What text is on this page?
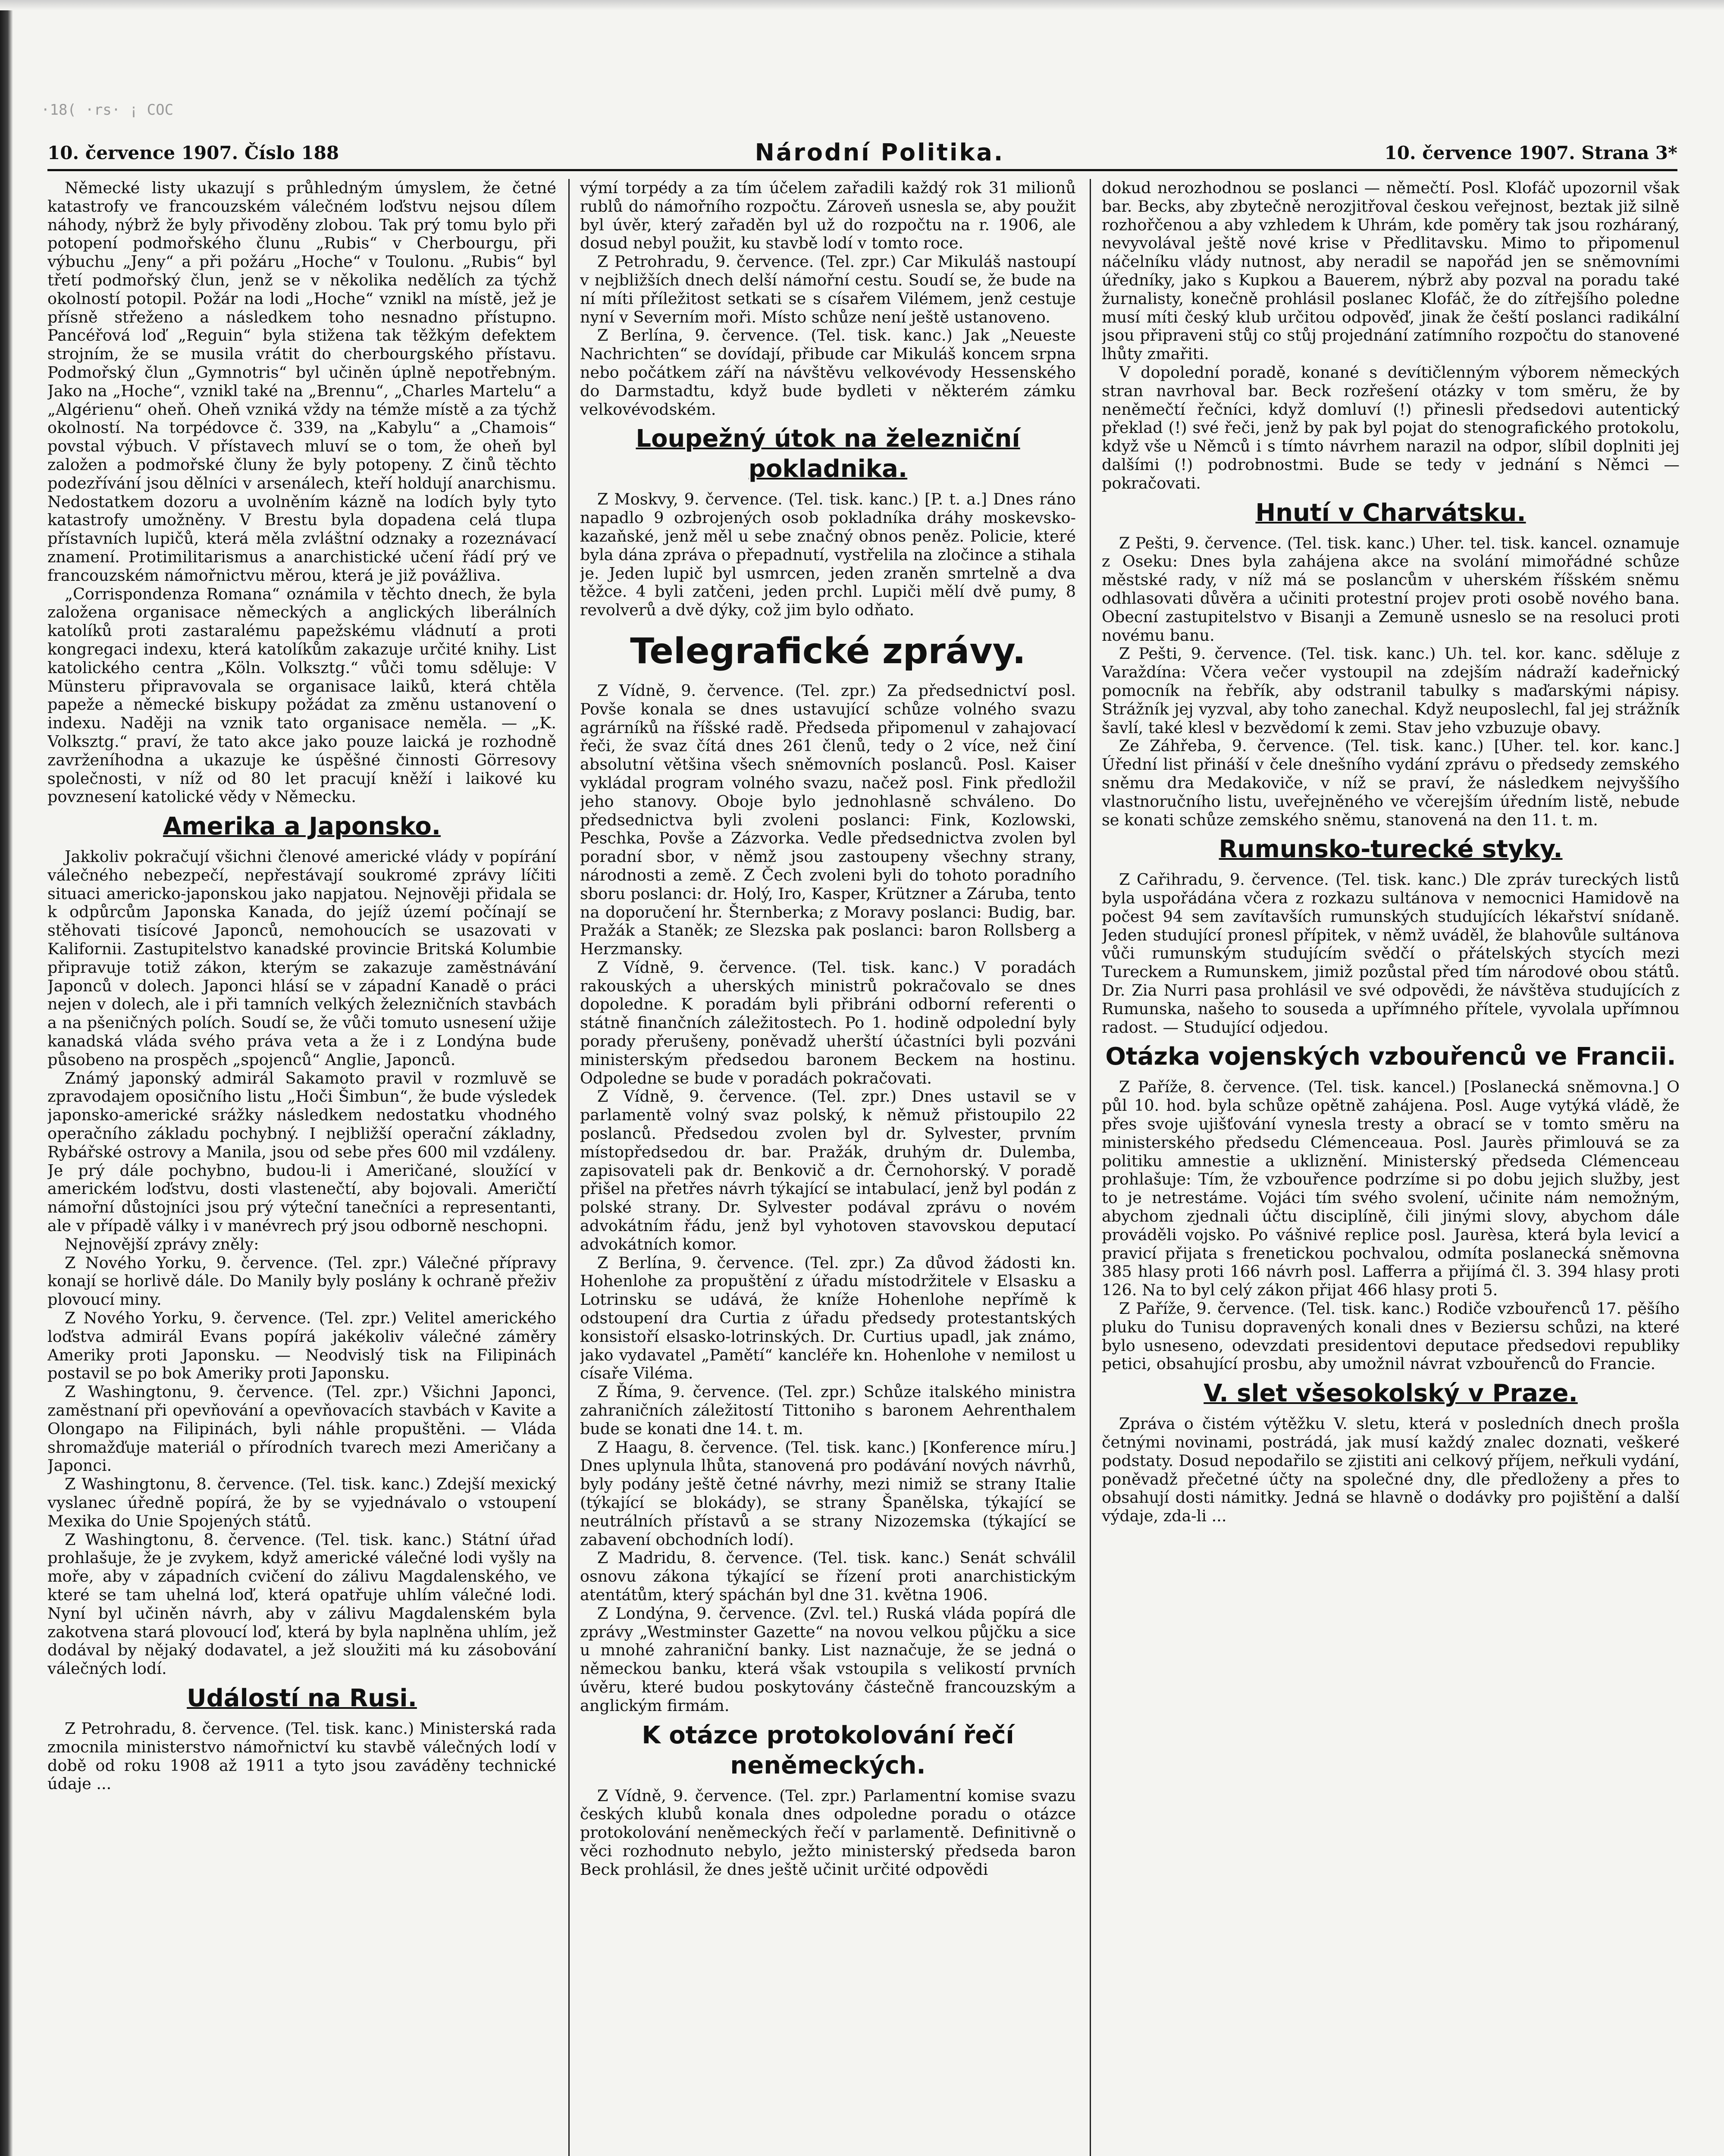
·18( ·rs· ¡ COC
10. července 1907. Číslo 188	Národní Politika.	10. července 1907. Strana 3*

Německé listy ukazují s průhledným úmyslem, že četné katastrofy ve francouzském válečném loďstvu nejsou dílem náhody, nýbrž že byly přivoděny zlobou. Tak prý tomu bylo při potopení podmořského člunu „Rubis“ v Cherbourgu, při výbuchu „Jeny“ a při požáru „Hoche“ v Toulonu. „Rubis“ byl třetí podmořský člun, jenž se v několika nedělích za týchž okolností potopil. Požár na lodi „Hoche“ vznikl na místě, jež je přísně střeženo a následkem toho nesnadno přístupno. Pancéřová loď „Reguin“ byla stižena tak těžkým defektem strojním, že se musila vrátit do cherbourgského přístavu. Podmořský člun „Gymnotris“ byl učiněn úplně nepotřebným. Jako na „Hoche“, vznikl také na „Brennu“, „Charles Martelu“ a „Algérienu“ oheň. Oheň vzniká vždy na témže místě a za týchž okolností. Na torpédovce č. 339, na „Kabylu“ a „Chamois“ povstal výbuch. V přístavech mluví se o tom, že oheň byl založen a podmořské čluny že byly potopeny. Z činů těchto podezřívání jsou dělníci v arsenálech, kteří holdují anarchismu. Nedostatkem dozoru a uvolněním kázně na lodích byly tyto katastrofy umožněny. V Brestu byla dopadena celá tlupa přístavních lupičů, která měla zvláštní odznaky a rozeznávací znamení. Protimilitarismus a anarchistické učení řádí prý ve francouzském námořnictvu měrou, která je již povážliva.

„Corrispondenza Romana“ oznámila v těchto dnech, že byla založena organisace německých a anglických liberálních katolíků proti zastaralému papežskému vládnutí a proti kongregaci indexu, která katolíkům zakazuje určité knihy. List katolického centra „Köln. Volksztg.“ vůči tomu sděluje: V Münsteru připravovala se organisace laiků, která chtěla papeže a německé biskupy požádat za změnu ustanovení o indexu. Naději na vznik tato organisace neměla. — „K. Volksztg.“ praví, že tato akce jako pouze laická je rozhodně zavrženíhodna a ukazuje ke úspěšné činnosti Görresovy společnosti, v níž od 80 let pracují kněží i laikové ku povznesení katolické vědy v Německu.

Amerika a Japonsko.

Jakkoliv pokračují všichni členové americké vlády v popírání válečného nebezpečí, nepřestávají soukromé zprávy líčiti situaci americko-japonskou jako napjatou. Nejnověji přidala se k odpůrcům Japonska Kanada, do jejíž území počínají se stěhovati tisícové Japonců, nemohoucích se usazovati v Kalifornii. Zastupitelstvo kanadské provincie Britská Kolumbie připravuje totiž zákon, kterým se zakazuje zaměstnávání Japonců v dolech. Japonci hlásí se v západní Kanadě o práci nejen v dolech, ale i při tamních velkých železničních stavbách a na pšeničných polích. Soudí se, že vůči tomuto usnesení užije kanadská vláda svého práva veta a že i z Londýna bude působeno na prospěch „spojenců“ Anglie, Japonců.

Známý japonský admirál Sakamoto pravil v rozmluvě se zpravodajem oposičního listu „Hoči Šimbun“, že bude výsledek japonsko-americké srážky následkem nedostatku vhodného operačního základu pochybný. I nejbližší operační základny, Rybářské ostrovy a Manila, jsou od sebe přes 600 mil vzdáleny. Je prý dále pochybno, budou-li i Američané, sloužící v americkém loďstvu, dosti vlastenečtí, aby bojovali. Američtí námořní důstojníci jsou prý výteční tanečníci a representanti, ale v případě války i v manévrech prý jsou odborně neschopni.

Nejnovější zprávy zněly:

Z Nového Yorku, 9. července. (Tel. zpr.) Válečné přípravy konají se horlivě dále. Do Manily byly poslány k ochraně přeživ plovoucí miny.

Z Nového Yorku, 9. července. (Tel. zpr.) Velitel amerického loďstva admirál Evans popírá jakékoliv válečné záměry Ameriky proti Japonsku. — Neodvislý tisk na Filipinách postavil se po bok Ameriky proti Japonsku.

Z Washingtonu, 9. července. (Tel. zpr.) Všichni Japonci, zaměstnaní při opevňování a opevňovacích stavbách v Kavite a Olongapo na Filipinách, byli náhle propuštěni. — Vláda shromažďuje materiál o přírodních tvarech mezi Američany a Japonci.

Z Washingtonu, 8. července. (Tel. tisk. kanc.) Zdejší mexický vyslanec úředně popírá, že by se vyjednávalo o vstoupení Mexika do Unie Spojených států.

Z Washingtonu, 8. července. (Tel. tisk. kanc.) Státní úřad prohlašuje, že je zvykem, když americké válečné lodi vyšly na moře, aby v západních cvičení do zálivu Magdalenského, ve které se tam uhelná loď, která opatřuje uhlím válečné lodi. Nyní byl učiněn návrh, aby v zálivu Magdalenském byla zakotvena stará plovoucí loď, která by byla naplněna uhlím, jež dodával by nějaký dodavatel, a jež sloužiti má ku zásobování válečných lodí.

Událostí na Rusi.

Z Petrohradu, 8. července. (Tel. tisk. kanc.) Ministerská rada zmocnila ministerstvo námořnictví ku stavbě válečných lodí v době od roku 1908 až 1911 a tyto jsou zaváděny technické údaje ...

výmí torpédy a za tím účelem zařadili každý rok 31 milionů rublů do námořního rozpočtu. Zároveň usnesla se, aby použit byl úvěr, který zařaděn byl už do rozpočtu na r. 1906, ale dosud nebyl použit, ku stavbě lodí v tomto roce.

Z Petrohradu, 9. července. (Tel. zpr.) Car Mikuláš nastoupí v nejbližších dnech delší námořní cestu. Soudí se, že bude na ní míti příležitost setkati se s císařem Vilémem, jenž cestuje nyní v Severním moři. Místo schůze není ještě ustanoveno.

Z Berlína, 9. července. (Tel. tisk. kanc.) Jak „Neueste Nachrichten“ se dovídají, přibude car Mikuláš koncem srpna nebo počátkem září na návštěvu velkovévody Hessenského do Darmstadtu, když bude bydleti v některém zámku velkovévodském.

Loupežný útok na železniční pokladnika.

Z Moskvy, 9. července. (Tel. tisk. kanc.) [P. t. a.] Dnes ráno napadlo 9 ozbrojených osob pokladníka dráhy moskevsko-kazaňské, jenž měl u sebe značný obnos peněz. Policie, které byla dána zpráva o přepadnutí, vystřelila na zločince a stihala je. Jeden lupič byl usmrcen, jeden zraněn smrtelně a dva těžce. 4 byli zatčeni, jeden prchl. Lupiči mělí dvě pumy, 8 revolverů a dvě dýky, což jim bylo odňato.

Telegrafické zprávy.

Z Vídně, 9. července. (Tel. zpr.) Za předsednictví posl. Povše konala se dnes ustavující schůze volného svazu agrárníků na říšské radě. Předseda připomenul v zahajovací řeči, že svaz čítá dnes 261 členů, tedy o 2 více, než činí absolutní většina všech sněmovních poslanců. Posl. Kaiser vykládal program volného svazu, načež posl. Fink předložil jeho stanovy. Oboje bylo jednohlasně schváleno. Do předsednictva byli zvoleni poslanci: Fink, Kozlowski, Peschka, Povše a Zázvorka. Vedle předsednictva zvolen byl poradní sbor, v němž jsou zastoupeny všechny strany, národnosti a země. Z Čech zvoleni byli do tohoto poradního sboru poslanci: dr. Holý, Iro, Kasper, Krützner a Záruba, tento na doporučení hr. Šternberka; z Moravy poslanci: Budig, bar. Pražák a Staněk; ze Slezska pak poslanci: baron Rollsberg a Herzmansky.

Z Vídně, 9. července. (Tel. tisk. kanc.) V poradách rakouských a uherských ministrů pokračovalo se dnes dopoledne. K poradám byli přibráni odborní referenti o státně finančních záležitostech. Po 1. hodině odpolední byly porady přerušeny, poněvadž uherští účastníci byli pozváni ministerským předsedou baronem Beckem na hostinu. Odpoledne se bude v poradách pokračovati.

Z Vídně, 9. července. (Tel. zpr.) Dnes ustavil se v parlamentě volný svaz polský, k němuž přistoupilo 22 poslanců. Předsedou zvolen byl dr. Sylvester, prvním místopředsedou dr. bar. Pražák, druhým dr. Dulemba, zapisovateli pak dr. Benkovič a dr. Černohorský. V poradě přišel na přetřes návrh týkající se intabulací, jenž byl podán z polské strany. Dr. Sylvester podával zprávu o novém advokátním řádu, jenž byl vyhotoven stavovskou deputací advokátních komor.

Z Berlína, 9. července. (Tel. zpr.) Za důvod žádosti kn. Hohenlohe za propuštění z úřadu místodržitele v Elsasku a Lotrinsku se udává, že kníže Hohenlohe nepřímě k odstoupení dra Curtia z úřadu předsedy protestantských konsistoří elsasko-lotrinských. Dr. Curtius upadl, jak známo, jako vydavatel „Pamětí“ kancléře kn. Hohenlohe v nemilost u císaře Viléma.

Z Říma, 9. července. (Tel. zpr.) Schůze italského ministra zahraničních záležitostí Tittoniho s baronem Aehrenthalem bude se konati dne 14. t. m.

Z Haagu, 8. července. (Tel. tisk. kanc.) [Konference míru.] Dnes uplynula lhůta, stanovená pro podávání nových návrhů, byly podány ještě četné návrhy, mezi nimiž se strany Italie (týkající se blokády), se strany Španělska, týkající se neutrálních přístavů a se strany Nizozemska (týkající se zabavení obchodních lodí).

Z Madridu, 8. července. (Tel. tisk. kanc.) Senát schválil osnovu zákona týkající se řízení proti anarchistickým atentátům, který spáchán byl dne 31. května 1906.

Z Londýna, 9. července. (Zvl. tel.) Ruská vláda popírá dle zprávy „Westminster Gazette“ na novou velkou půjčku a sice u mnohé zahraniční banky. List naznačuje, že se jedná o německou banku, která však vstoupila s velikostí prvních úvěru, které budou poskytovány částečně francouzským a anglickým firmám.

K otázce protokolování řečí neněmeckých.

Z Vídně, 9. července. (Tel. zpr.) Parlamentní komise svazu českých klubů konala dnes odpoledne poradu o otázce protokolování neněmeckých řečí v parlamentě. Definitivně o věci rozhodnuto nebylo, ježto ministerský předseda baron Beck prohlásil, že dnes ještě učinit určité odpovědi

dokud nerozhodnou se poslanci — němečtí. Posl. Klofáč upozornil však bar. Becks, aby zbytečně nerozjitřoval českou veřejnost, beztak již silně rozhořčenou a aby vzhledem k Uhrám, kde poměry tak jsou rozháraný, nevyvolával ještě nové krise v Předlitavsku. Mimo to připomenul náčelníku vlády nutnost, aby neradil se napořád jen se sněmovními úředníky, jako s Kupkou a Bauerem, nýbrž aby pozval na poradu také žurnalisty, konečně prohlásil poslanec Klofáč, že do zítřejšího poledne musí míti český klub určitou odpověď, jinak že čeští poslanci radikální jsou připraveni stůj co stůj projednání zatímního rozpočtu do stanovené lhůty zmařiti.

V dopolední poradě, konané s devítičlenným výborem německých stran navrhoval bar. Beck rozřešení otázky v tom směru, že by neněmečtí řečníci, když domluví (!) přinesli předsedovi autentický překlad (!) své řeči, jenž by pak byl pojat do stenografického protokolu, když vše u Němců i s tímto návrhem narazil na odpor, slíbil doplniti jej dalšími (!) podrobnostmi. Bude se tedy v jednání s Němci — pokračovati.

Hnutí v Charvátsku.

Z Pešti, 9. července. (Tel. tisk. kanc.) Uher. tel. tisk. kancel. oznamuje z Oseku: Dnes byla zahájena akce na svolání mimořádné schůze městské rady, v níž má se poslancům v uherském říšském sněmu odhlasovati důvěra a učiniti protestní projev proti osobě nového bana. Obecní zastupitelstvo v Bisanji a Zemuně usneslo se na resoluci proti novému banu.

Z Pešti, 9. července. (Tel. tisk. kanc.) Uh. tel. kor. kanc. sděluje z Varaždína: Včera večer vystoupil na zdejším nádraží kadeřnický pomocník na řebřík, aby odstranil tabulky s maďarskými nápisy. Strážník jej vyzval, aby toho zanechal. Když neuposlechl, fal jej strážník šavlí, také klesl v bezvědomí k zemi. Stav jeho vzbuzuje obavy.

Ze Záhřeba, 9. července. (Tel. tisk. kanc.) [Uher. tel. kor. kanc.] Úřední list přináší v čele dnešního vydání zprávu o předsedy zemského sněmu dra Medakoviče, v níž se praví, že následkem nejvyššího vlastnoručního listu, uveřejněného ve včerejším úředním listě, nebude se konati schůze zemského sněmu, stanovená na den 11. t. m.

Rumunsko-turecké styky.

Z Cařihradu, 9. července. (Tel. tisk. kanc.) Dle zpráv tureckých listů byla uspořádána včera z rozkazu sultánova v nemocnici Hamidově na počest 94 sem zavítavších rumunských studujících lékařství snídaně. Jeden studující pronesl přípitek, v němž uváděl, že blahovůle sultánova vůči rumunským studujícím svědčí o přátelských stycích mezi Tureckem a Rumunskem, jimiž pozůstal před tím národové obou států. Dr. Zia Nurri pasa prohlásil ve své odpovědi, že návštěva studujících z Rumunska, našeho to souseda a upřímného přítele, vyvolala upřímnou radost. — Studující odjedou.

Otázka vojenských vzbouřenců ve Francii.

Z Paříže, 8. července. (Tel. tisk. kancel.) [Poslanecká sněmovna.] O půl 10. hod. byla schůze opětně zahájena. Posl. Auge vytýká vládě, že přes svoje ujišťování vynesla tresty a obrací se v tomto směru na ministerského předsedu Clémenceaua. Posl. Jaurès přimlouvá se za politiku amnestie a ukliznění. Ministerský předseda Clémenceau prohlašuje: Tím, že vzbouřence podrzíme si po dobu jejich služby, jest to je netrestáme. Vojáci tím svého svolení, učinite nám nemožným, abychom zjednali účtu disciplíně, čili jinými slovy, abychom dále prováděli vojsko. Po vášnivé replice posl. Jaurèsa, která byla levicí a pravicí přijata s frenetickou pochvalou, odmíta poslanecká sněmovna 385 hlasy proti 166 návrh posl. Lafferra a přijímá čl. 3. 394 hlasy proti 126. Na to byl celý zákon přijat 466 hlasy proti 5.

Z Paříže, 9. července. (Tel. tisk. kanc.) Rodiče vzbouřenců 17. pěšího pluku do Tunisu dopravených konali dnes v Beziersu schůzi, na které bylo usneseno, odevzdati presidentovi deputace předsedovi republiky petici, obsahující prosbu, aby umožnil návrat vzbouřenců do Francie.

V. slet všesokolský v Praze.

Zpráva o čistém výtěžku V. sletu, která v posledních dnech prošla četnými novinami, postrádá, jak musí každý znalec doznati, veškeré podstaty. Dosud nepodařilo se zjistiti ani celkový příjem, neřkuli vydání, poněvadž přečetné účty na společné dny, dle předloženy a přes to obsahují dosti námitky. Jedná se hlavně o dodávky pro pojištění a další výdaje, zda-li ...
